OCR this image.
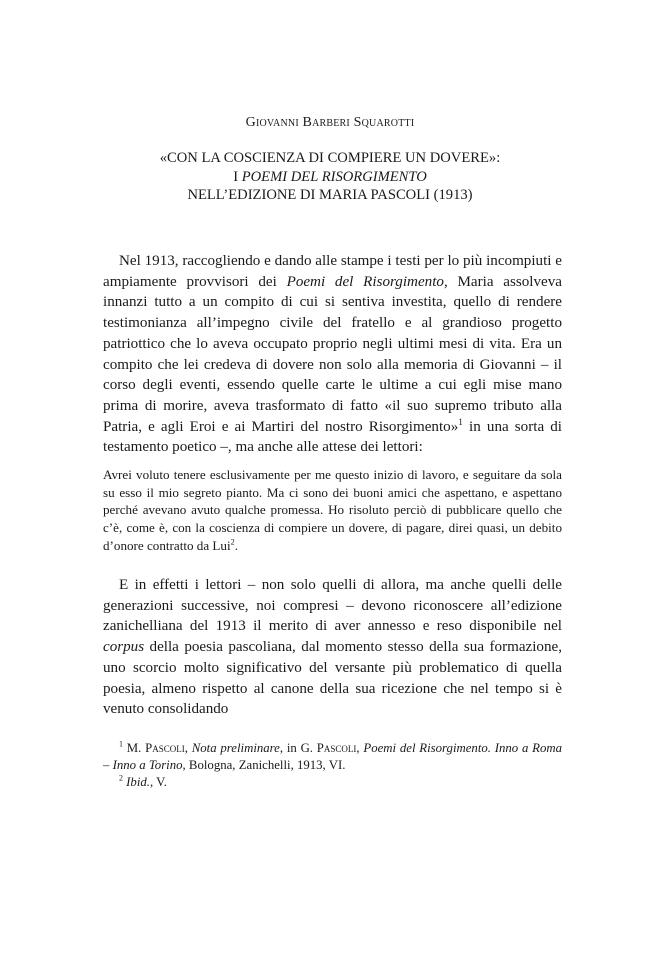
Giovanni Barberi Squarotti
«CON LA COSCIENZA DI COMPIERE UN DOVERE»:
I POEMI DEL RISORGIMENTO
NELL’EDIZIONE DI MARIA PASCOLI (1913)

Nel 1913, raccogliendo e dando alle stampe i testi per lo più incompiuti e ampiamente provvisori dei Poemi del Risorgimento, Maria assolveva innanzi tutto a un compito di cui si sentiva investita, quello di rendere testimonianza all’impegno civile del fratello e al grandioso progetto patriottico che lo aveva occupato proprio negli ultimi mesi di vita. Era un compito che lei credeva di dovere non solo alla memoria di Giovanni – il corso degli eventi, essendo quelle carte le ultime a cui egli mise mano prima di morire, aveva trasformato di fatto «il suo supremo tributo alla Patria, e agli Eroi e ai Martiri del nostro Risorgimento»$^1$ in una sorta di testamento poetico –, ma anche alle attese dei lettori:

Avrei voluto tenere esclusivamente per me questo inizio di lavoro, e seguitare da sola su esso il mio segreto pianto. Ma ci sono dei buoni amici che aspettano, e aspettano perché avevano avuto qualche promessa. Ho risoluto perciò di pubblicare quello che c’è, come è, con la coscienza di compiere un dovere, di pagare, direi quasi, un debito d’onore contratto da Lui$^2$.

E in effetti i lettori – non solo quelli di allora, ma anche quelli delle generazioni successive, noi compresi – devono riconoscere all’edizione zanichelliana del 1913 il merito di aver annesso e reso disponibile nel corpus della poesia pascoliana, dal momento stesso della sua formazione, uno scorcio molto significativo del versante più problematico di quella poesia, almeno rispetto al canone della sua ricezione che nel tempo si è venuto consolidando

$^1$ M. Pascoli, Nota preliminare, in G. Pascoli, Poemi del Risorgimento. Inno a Roma – Inno a Torino, Bologna, Zanichelli, 1913, VI.

$^2$ Ibid., V.
